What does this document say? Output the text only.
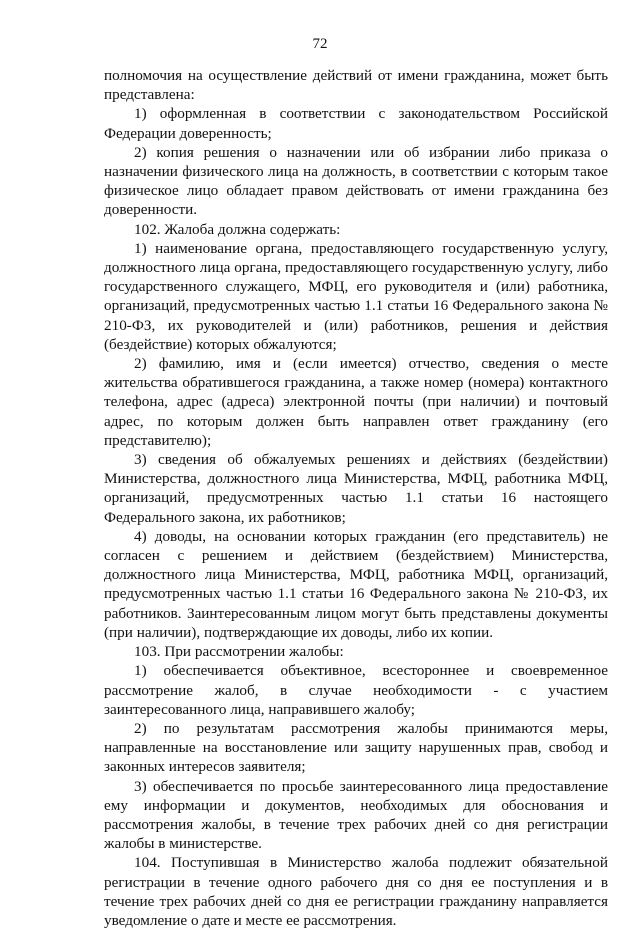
72

полномочия на осуществление действий от имени гражданина, может быть представлена:

1) оформленная в соответствии с законодательством Российской Федерации доверенность;

2) копия решения о назначении или об избрании либо приказа о назначении физического лица на должность, в соответствии с которым такое физическое лицо обладает правом действовать от имени гражданина без доверенности.

102. Жалоба должна содержать:

1) наименование органа, предоставляющего государственную услугу, должностного лица органа, предоставляющего государственную услугу, либо государственного служащего, МФЦ, его руководителя и (или) работника, организаций, предусмотренных частью 1.1 статьи 16 Федерального закона № 210-ФЗ, их руководителей и (или) работников, решения и действия (бездействие) которых обжалуются;

2) фамилию, имя и (если имеется) отчество, сведения о месте жительства обратившегося гражданина, а также номер (номера) контактного телефона, адрес (адреса) электронной почты (при наличии) и почтовый адрес, по которым должен быть направлен ответ гражданину (его представителю);

3) сведения об обжалуемых решениях и действиях (бездействии) Министерства, должностного лица Министерства, МФЦ, работника МФЦ, организаций, предусмотренных частью 1.1 статьи 16 настоящего Федерального закона, их работников;

4) доводы, на основании которых гражданин (его представитель) не согласен с решением и действием (бездействием) Министерства, должностного лица Министерства, МФЦ, работника МФЦ, организаций, предусмотренных частью 1.1 статьи 16 Федерального закона № 210-ФЗ, их работников. Заинтересованным лицом могут быть представлены документы (при наличии), подтверждающие их доводы, либо их копии.

103. При рассмотрении жалобы:

1) обеспечивается объективное, всестороннее и своевременное рассмотрение жалоб, в случае необходимости - с участием заинтересованного лица, направившего жалобу;

2) по результатам рассмотрения жалобы принимаются меры, направленные на восстановление или защиту нарушенных прав, свобод и законных интересов заявителя;

3) обеспечивается по просьбе заинтересованного лица предоставление ему информации и документов, необходимых для обоснования и рассмотрения жалобы, в течение трех рабочих дней со дня регистрации жалобы в министерстве.

104. Поступившая в Министерство жалоба подлежит обязательной регистрации в течение одного рабочего дня со дня ее поступления и в течение трех рабочих дней со дня ее регистрации гражданину направляется уведомление о дате и месте ее рассмотрения.
